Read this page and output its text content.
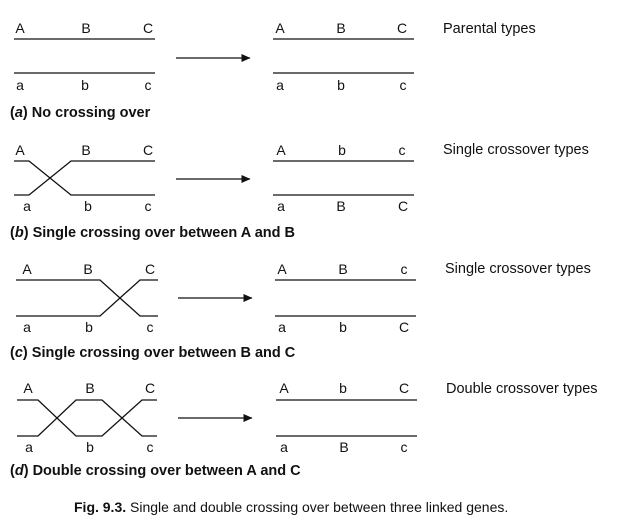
A	B	C
a	b	c
A	B	C
a	b	c
Parental types
(a) No crossing over
A	B	C
a	b	c
A	b	c
a	B	C
Single crossover types
(b) Single crossing over between A and B
A	B	C
a	b	c
A	B	c
a	b	C
Single crossover types
(c) Single crossing over between B and C
A	B	C
a	b	c
A	b	C
a	B	c
Double crossover types
(d) Double crossing over between A and C
Fig. 9.3. Single and double crossing over between three linked genes.
